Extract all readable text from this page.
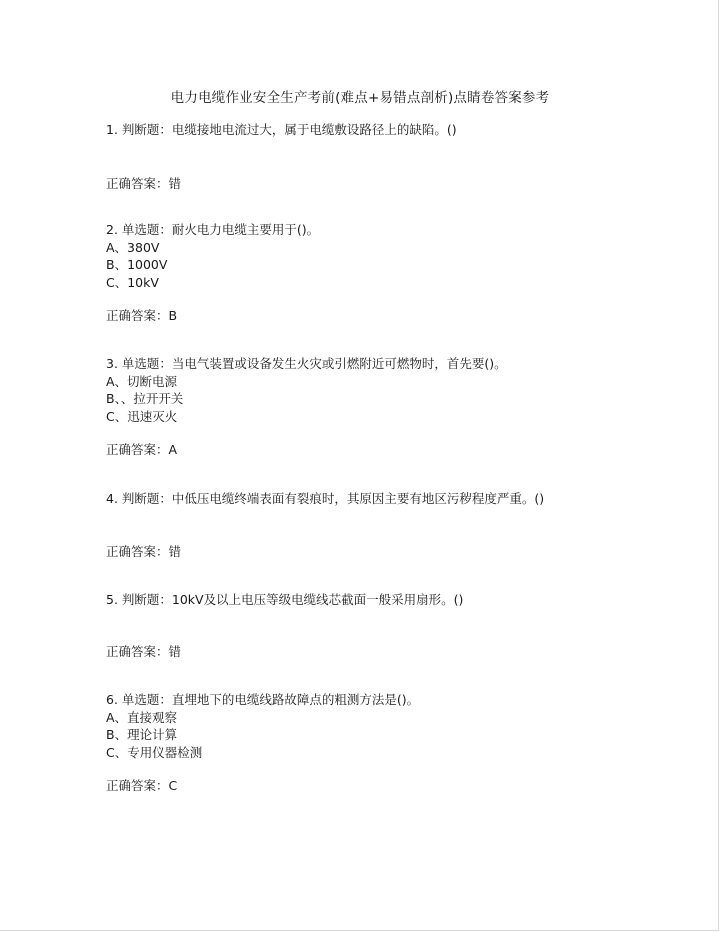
电力电缆作业安全生产考前(难点+易错点剖析)点睛卷答案参考
1. 判断题：电缆接地电流过大，属于电缆敷设路径上的缺陷。()
正确答案：错
2. 单选题：耐火电力电缆主要用于()。
A、380V
B、1000V
C、10kV
正确答案：B
3. 单选题：当电气装置或设备发生火灾或引燃附近可燃物时，首先要()。
A、切断电源
B、、拉开开关
C、迅速灭火
正确答案：A
4. 判断题：中低压电缆终端表面有裂痕时，其原因主要有地区污秽程度严重。()
正确答案：错
5. 判断题：10kV及以上电压等级电缆线芯截面一般采用扇形。()
正确答案：错
6. 单选题：直埋地下的电缆线路故障点的粗测方法是()。
A、直接观察
B、理论计算
C、专用仪器检测
正确答案：C
